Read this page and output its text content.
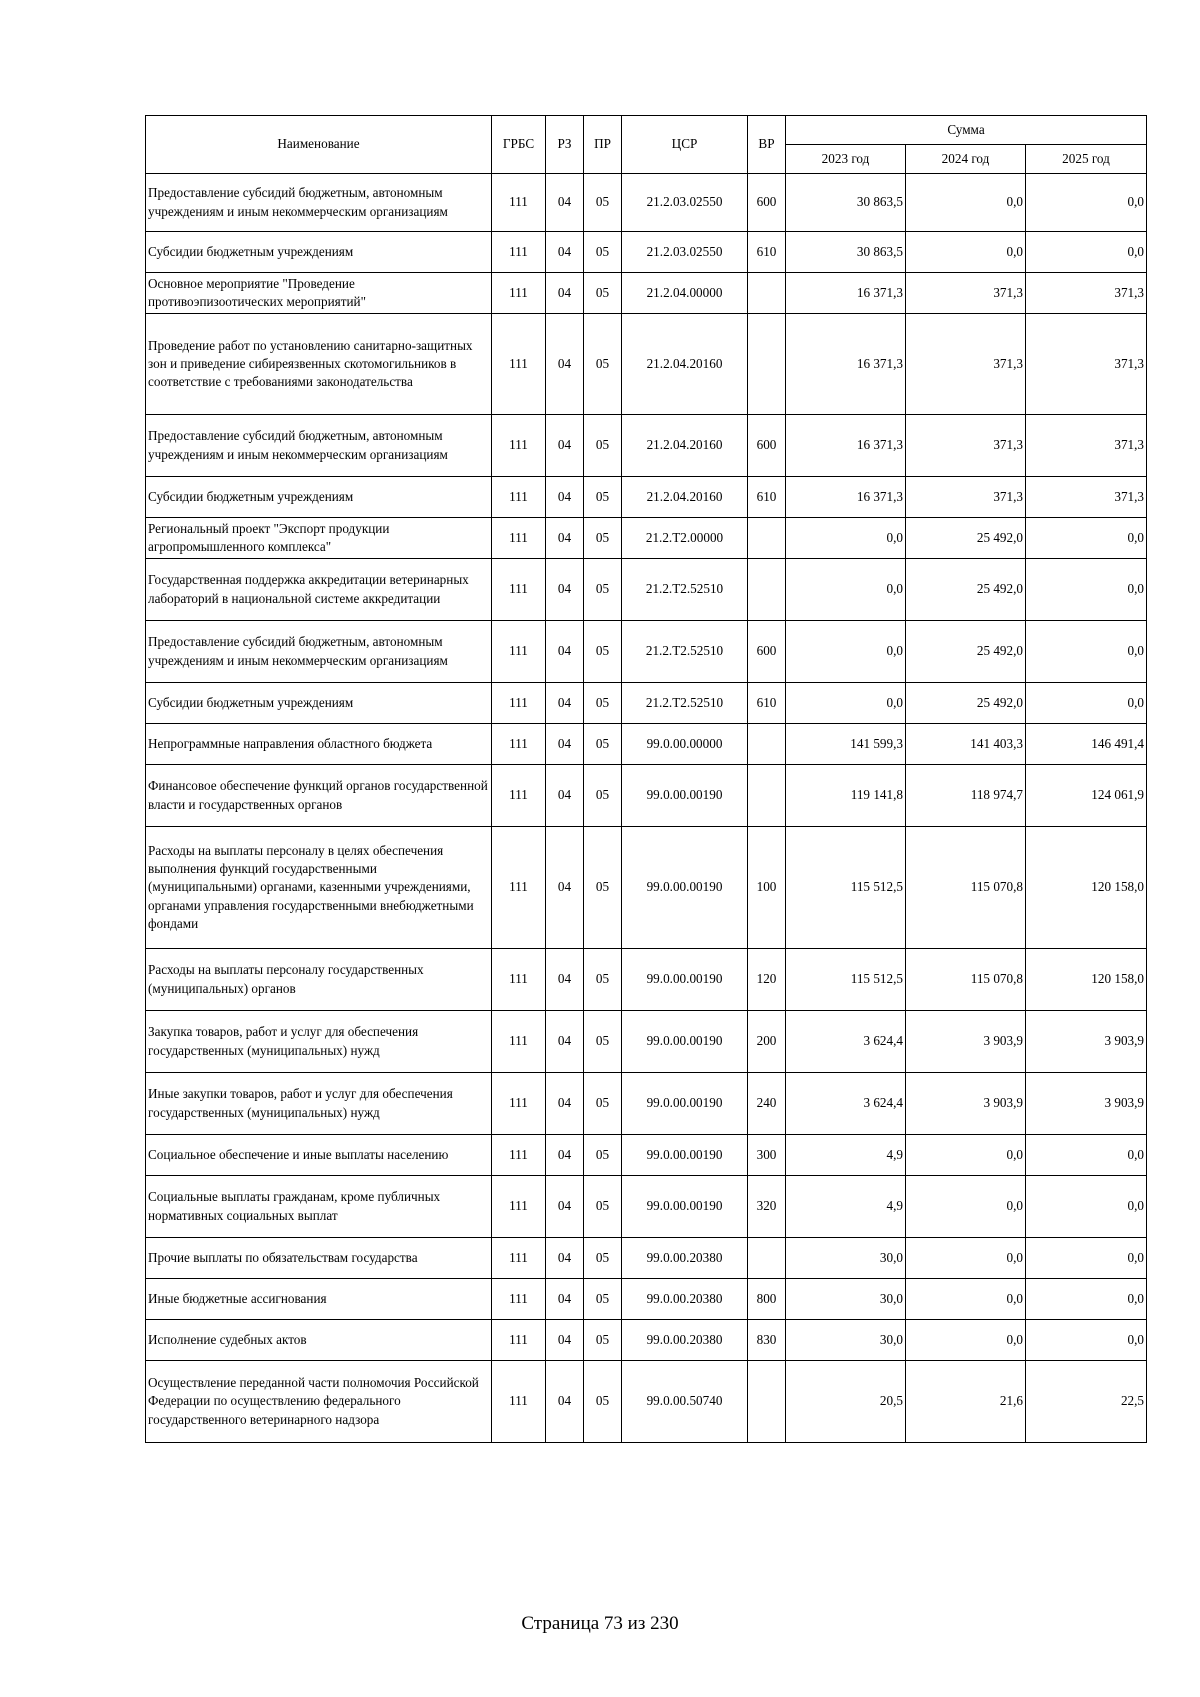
Наименование	ГРБС	РЗ	ПР	ЦСР	ВР	Сумма		
						2023 год	2024 год	2025 год
Предоставление субсидий бюджетным, автономным учреждениям и иным некоммерческим организациям	111	04	05	21.2.03.02550	600	30 863,5	0,0	0,0
Субсидии бюджетным учреждениям	111	04	05	21.2.03.02550	610	30 863,5	0,0	0,0
Основное мероприятие "Проведение противоэпизоотических мероприятий"	111	04	05	21.2.04.00000		16 371,3	371,3	371,3
Проведение работ по установлению санитарно-защитных зон и приведение сибиреязвенных скотомогильников в соответствие с требованиями законодательства	111	04	05	21.2.04.20160		16 371,3	371,3	371,3
Предоставление субсидий бюджетным, автономным учреждениям и иным некоммерческим организациям	111	04	05	21.2.04.20160	600	16 371,3	371,3	371,3
Субсидии бюджетным учреждениям	111	04	05	21.2.04.20160	610	16 371,3	371,3	371,3
Региональный проект "Экспорт продукции агропромышленного комплекса"	111	04	05	21.2.Т2.00000		0,0	25 492,0	0,0
Государственная поддержка аккредитации ветеринарных лабораторий в национальной системе аккредитации	111	04	05	21.2.Т2.52510		0,0	25 492,0	0,0
Предоставление субсидий бюджетным, автономным учреждениям и иным некоммерческим организациям	111	04	05	21.2.Т2.52510	600	0,0	25 492,0	0,0
Субсидии бюджетным учреждениям	111	04	05	21.2.Т2.52510	610	0,0	25 492,0	0,0
Непрограммные направления областного бюджета	111	04	05	99.0.00.00000		141 599,3	141 403,3	146 491,4
Финансовое обеспечение функций органов государственной власти и государственных органов	111	04	05	99.0.00.00190		119 141,8	118 974,7	124 061,9
Расходы на выплаты персоналу в целях обеспечения выполнения функций государственными (муниципальными) органами, казенными учреждениями, органами управления государственными внебюджетными фондами	111	04	05	99.0.00.00190	100	115 512,5	115 070,8	120 158,0
Расходы на выплаты персоналу государственных (муниципальных) органов	111	04	05	99.0.00.00190	120	115 512,5	115 070,8	120 158,0
Закупка товаров, работ и услуг для обеспечения государственных (муниципальных) нужд	111	04	05	99.0.00.00190	200	3 624,4	3 903,9	3 903,9
Иные закупки товаров, работ и услуг для обеспечения государственных (муниципальных) нужд	111	04	05	99.0.00.00190	240	3 624,4	3 903,9	3 903,9
Социальное обеспечение и иные выплаты населению	111	04	05	99.0.00.00190	300	4,9	0,0	0,0
Социальные выплаты гражданам, кроме публичных нормативных социальных выплат	111	04	05	99.0.00.00190	320	4,9	0,0	0,0
Прочие выплаты по обязательствам государства	111	04	05	99.0.00.20380		30,0	0,0	0,0
Иные бюджетные ассигнования	111	04	05	99.0.00.20380	800	30,0	0,0	0,0
Исполнение судебных актов	111	04	05	99.0.00.20380	830	30,0	0,0	0,0
Осуществление переданной части полномочия Российской Федерации по осуществлению федерального государственного ветеринарного надзора	111	04	05	99.0.00.50740		20,5	21,6	22,5
Страница 73 из 230
